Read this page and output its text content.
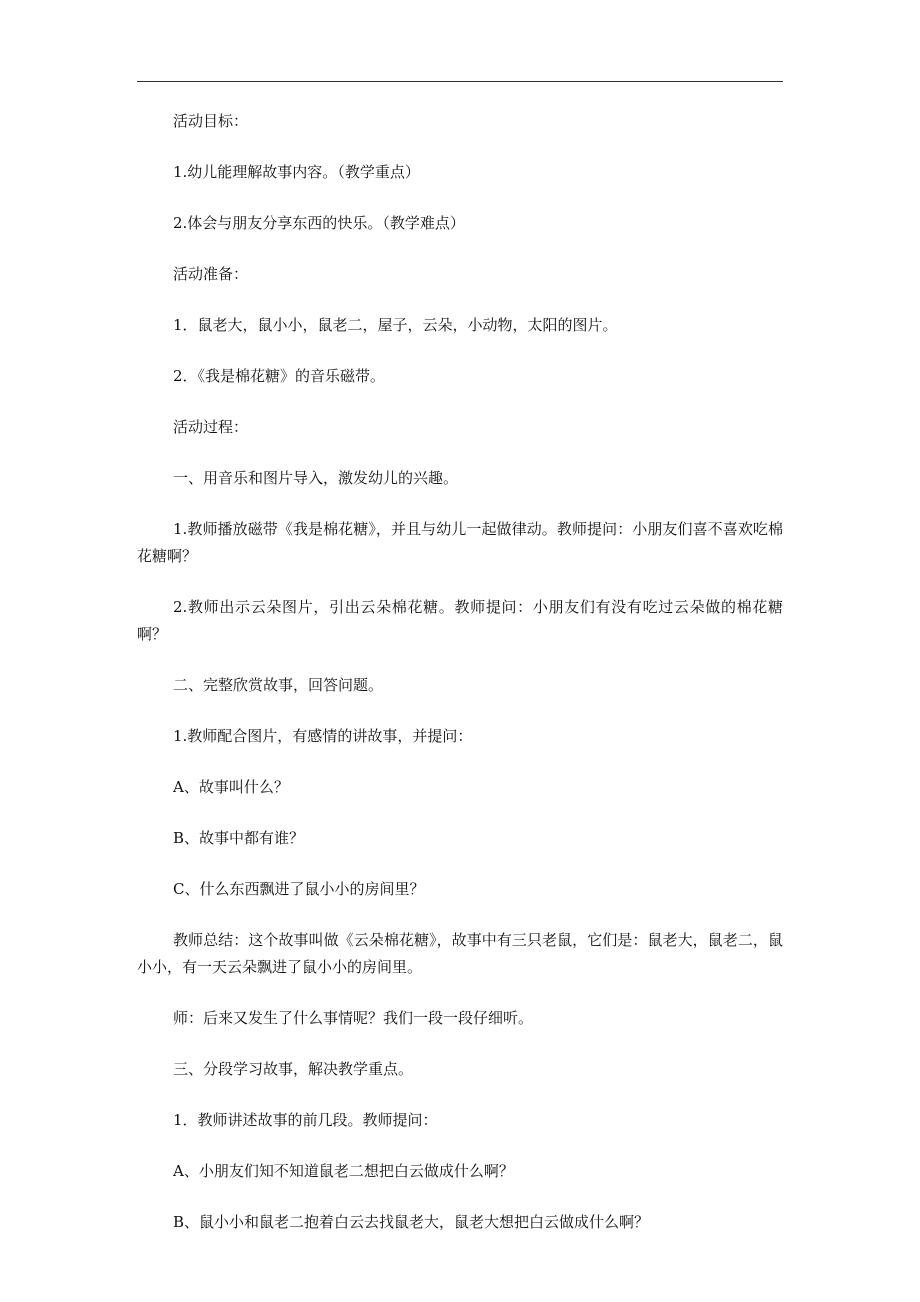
活动目标：

1.幼儿能理解故事内容。（教学重点）

2.体会与朋友分享东西的快乐。（教学难点）

活动准备：

1．鼠老大，鼠小小，鼠老二，屋子，云朵，小动物，太阳的图片。

2．《我是棉花糖》的音乐磁带。

活动过程：

一、用音乐和图片导入，激发幼儿的兴趣。

1.教师播放磁带《我是棉花糖》，并且与幼儿一起做律动。教师提问：小朋友们喜不喜欢吃棉花糖啊？

2.教师出示云朵图片，引出云朵棉花糖。教师提问：小朋友们有没有吃过云朵做的棉花糖啊？

二、完整欣赏故事，回答问题。

1.教师配合图片，有感情的讲故事，并提问：

A、故事叫什么？

B、故事中都有谁？

C、什么东西飘进了鼠小小的房间里？

教师总结：这个故事叫做《云朵棉花糖》，故事中有三只老鼠，它们是：鼠老大，鼠老二，鼠小小，有一天云朵飘进了鼠小小的房间里。

师：后来又发生了什么事情呢？我们一段一段仔细听。

三、分段学习故事，解决教学重点。

1．教师讲述故事的前几段。教师提问：

A、小朋友们知不知道鼠老二想把白云做成什么啊？

B、鼠小小和鼠老二抱着白云去找鼠老大，鼠老大想把白云做成什么啊？
